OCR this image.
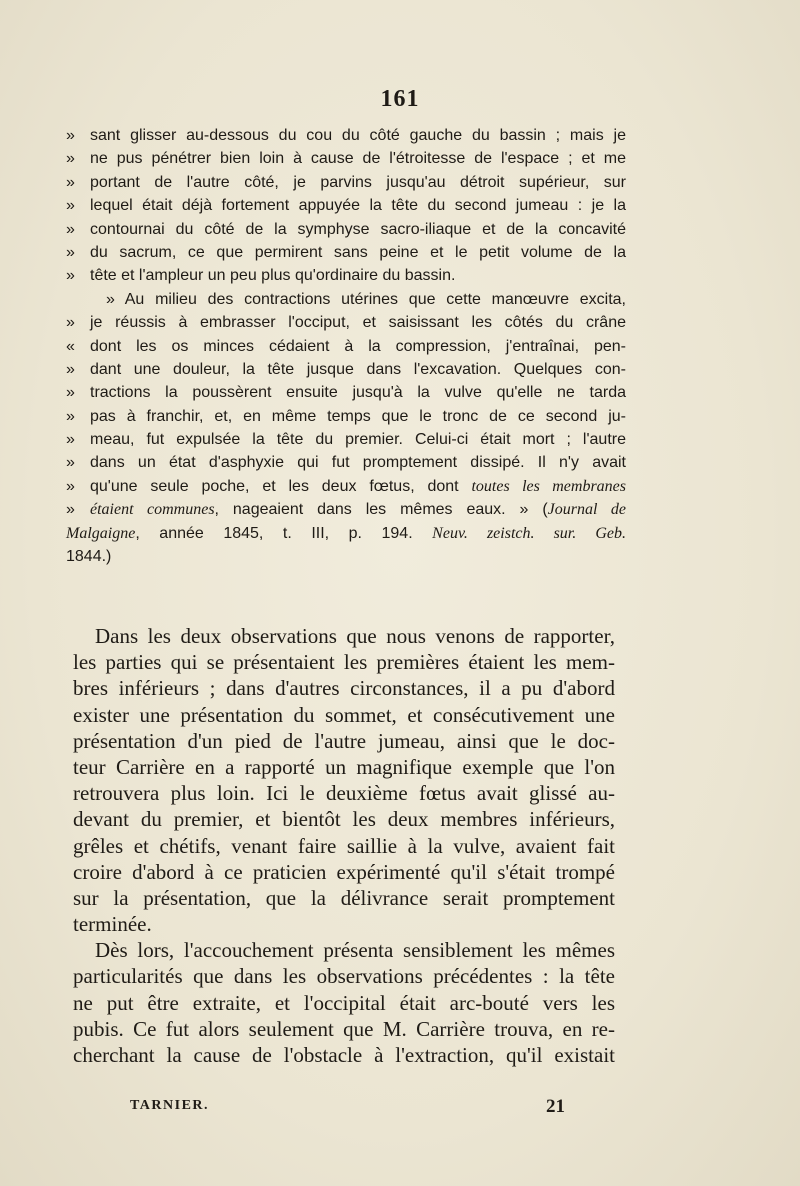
161
» sant glisser au-dessous du cou du côté gauche du bassin ; mais je
» ne pus pénétrer bien loin à cause de l'étroitesse de l'espace ; et me
» portant de l'autre côté, je parvins jusqu'au détroit supérieur, sur
» lequel était déjà fortement appuyée la tête du second jumeau : je la
» contournai du côté de la symphyse sacro-iliaque et de la concavité
» du sacrum, ce que permirent sans peine et le petit volume de la
» tête et l'ampleur un peu plus qu'ordinaire du bassin.
» Au milieu des contractions utérines que cette manœuvre excita,
» je réussis à embrasser l'occiput, et saisissant les côtés du crâne
« dont les os minces cédaient à la compression, j'entraînai, pen-
» dant une douleur, la tête jusque dans l'excavation. Quelques con-
» tractions la poussèrent ensuite jusqu'à la vulve qu'elle ne tarda
» pas à franchir, et, en même temps que le tronc de ce second ju-
» meau, fut expulsée la tête du premier. Celui-ci était mort ; l'autre
» dans un état d'asphyxie qui fut promptement dissipé. Il n'y avait
» qu'une seule poche, et les deux fœtus, dont toutes les membranes
» étaient communes, nageaient dans les mêmes eaux. » (Journal de
Malgaigne, année 1845, t. III, p. 194. Neuv. zeistch. sur. Geb.
1844.)
Dans les deux observations que nous venons de rapporter,
les parties qui se présentaient les premières étaient les mem-
bres inférieurs ; dans d'autres circonstances, il a pu d'abord
exister une présentation du sommet, et consécutivement une
présentation d'un pied de l'autre jumeau, ainsi que le doc-
teur Carrière en a rapporté un magnifique exemple que l'on
retrouvera plus loin. Ici le deuxième fœtus avait glissé au-
devant du premier, et bientôt les deux membres inférieurs,
grêles et chétifs, venant faire saillie à la vulve, avaient fait
croire d'abord à ce praticien expérimenté qu'il s'était trompé
sur la présentation, que la délivrance serait promptement
terminée.
Dès lors, l'accouchement présenta sensiblement les mêmes
particularités que dans les observations précédentes : la tête
ne put être extraite, et l'occipital était arc-bouté vers les
pubis. Ce fut alors seulement que M. Carrière trouva, en re-
cherchant la cause de l'obstacle à l'extraction, qu'il existait
TARNIER.	21
